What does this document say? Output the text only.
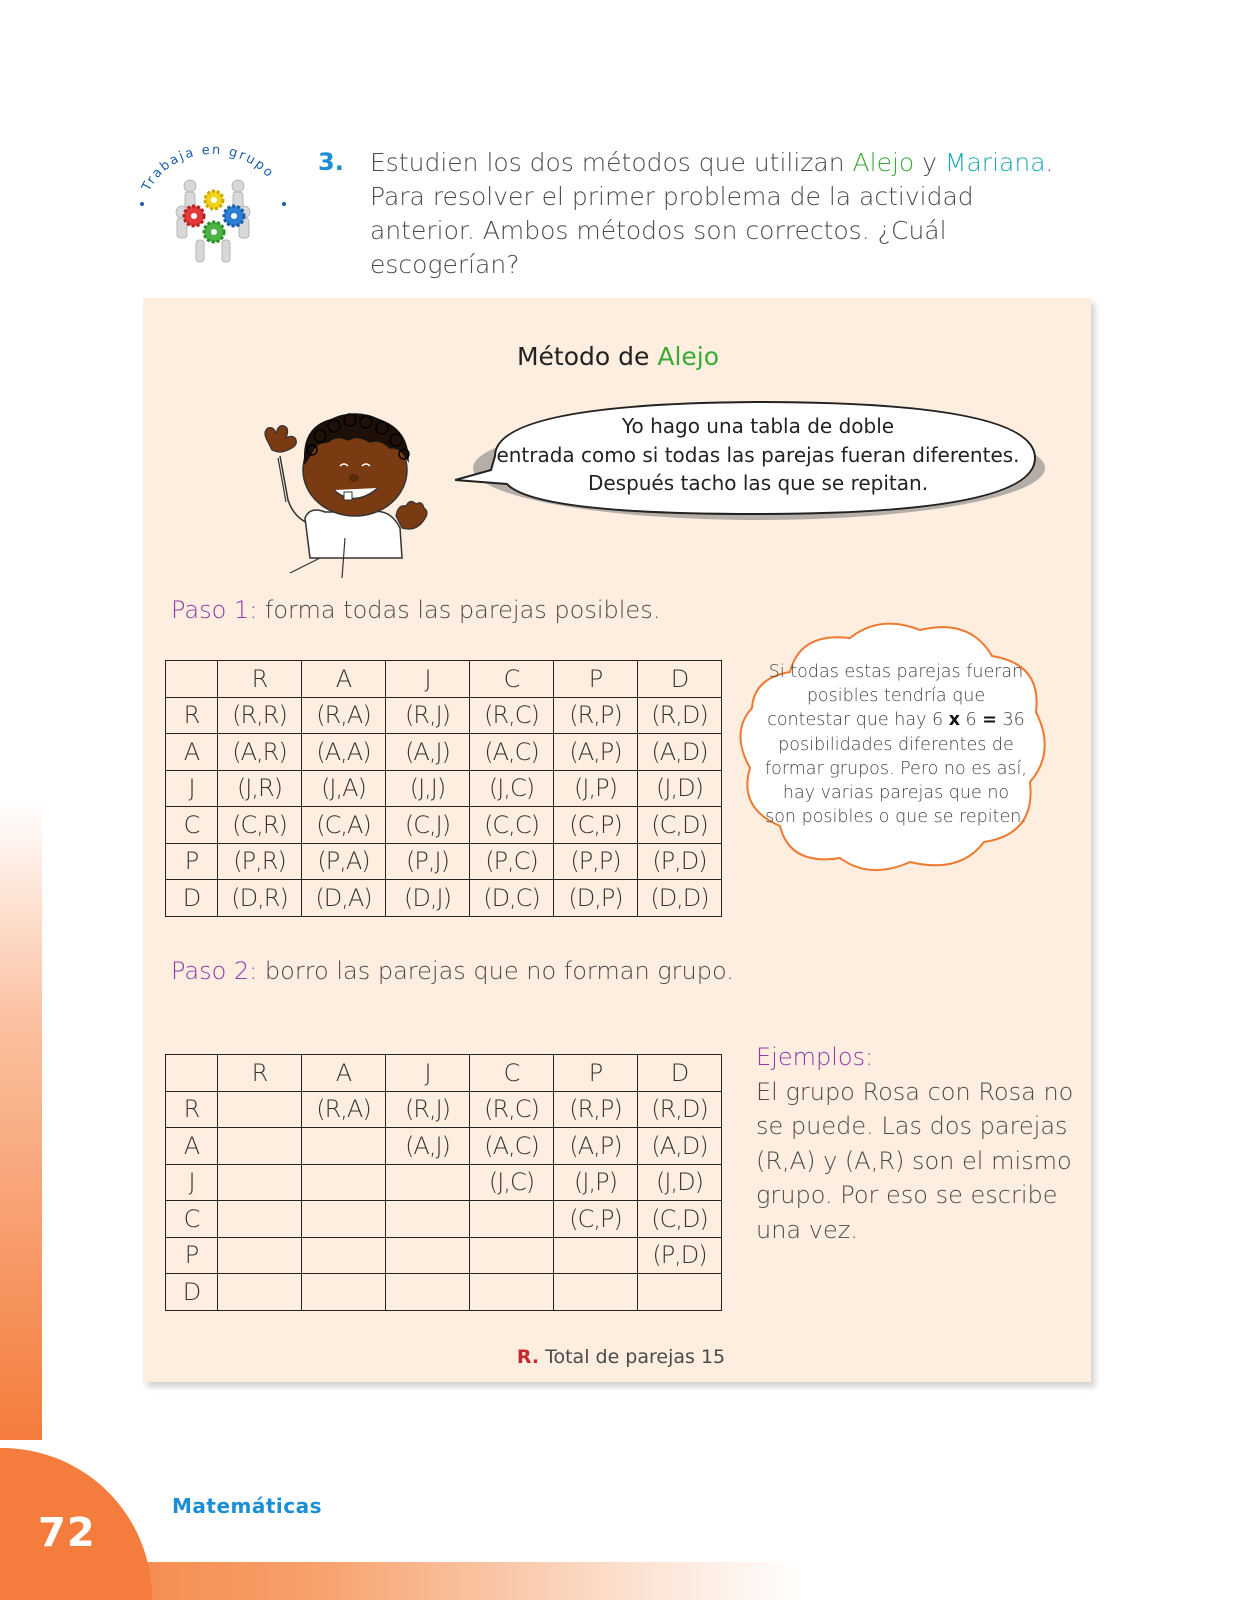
Trabaja en grupo 3. Estudien los dos métodos que utilizan Alejo y Mariana. Para resolver el primer problema de la actividad anterior. Ambos métodos son correctos. ¿Cuál escogerían?
Método de Alejo
Yo hago una tabla de doble
entrada como si todas las parejas fueran diferentes.
Después tacho las que se repitan.
Paso 1: forma todas las parejas posibles.
	R	A	J	C	P	D
R	(R,R)	(R,A)	(R,J)	(R,C)	(R,P)	(R,D)
A	(A,R)	(A,A)	(A,J)	(A,C)	(A,P)	(A,D)
J	(J,R)	(J,A)	(J,J)	(J,C)	(J,P)	(J,D)
C	(C,R)	(C,A)	(C,J)	(C,C)	(C,P)	(C,D)
P	(P,R)	(P,A)	(P,J)	(P,C)	(P,P)	(P,D)
D	(D,R)	(D,A)	(D,J)	(D,C)	(D,P)	(D,D)
Si todas estas parejas fueran posibles tendría que contestar que hay 6 x 6 = 36 posibilidades diferentes de formar grupos. Pero no es así, hay varias parejas que no son posibles o que se repiten.
Paso 2: borro las parejas que no forman grupo.
	R	A	J	C	P	D
R		(R,A)	(R,J)	(R,C)	(R,P)	(R,D)
A			(A,J)	(A,C)	(A,P)	(A,D)
J				(J,C)	(J,P)	(J,D)
C					(C,P)	(C,D)
P						(P,D)
D						
Ejemplos:
El grupo Rosa con Rosa no se puede. Las dos parejas (R,A) y (A,R) son el mismo grupo. Por eso se escribe una vez.
R. Total de parejas 15
72
Matemáticas
